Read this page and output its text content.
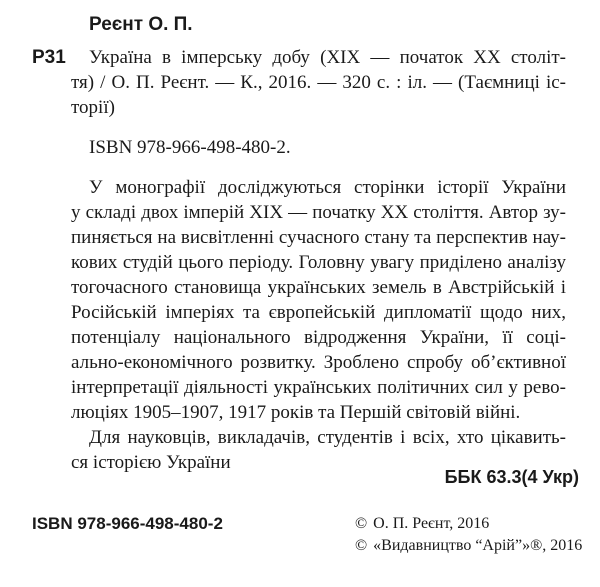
Реєнт О. П.
Р31 Україна в імперську добу (XIX — початок XX століт-
тя) / О. П. Реєнт. — К., 2016. — 320 с. : іл. — (Таємниці іс-
торії)
ISBN 978-966-498-480-2.
У монографії досліджуються сторінки історії України
у складі двох імперій XIX — початку XX століття. Автор зу-
пиняється на висвітленні сучасного стану та перспектив нау-
кових студій цього періоду. Головну увагу приділено аналізу
тогочасного становища українських земель в Австрійській і
Російській імперіях та європейській дипломатії щодо них,
потенціалу національного відродження України, її соці-
ально-економічного розвитку. Зроблено спробу об’єктивної
інтерпретації діяльності українських політичних сил у рево-
люціях 1905–1907, 1917 років та Першій світовій війні.
Для науковців, викладачів, студентів і всіх, хто цікавить-
ся історією України
ББК 63.3(4 Укр)
ISBN 978-966-498-480-2	© О. П. Реєнт, 2016
© «Видавництво “Арій”»®, 2016
